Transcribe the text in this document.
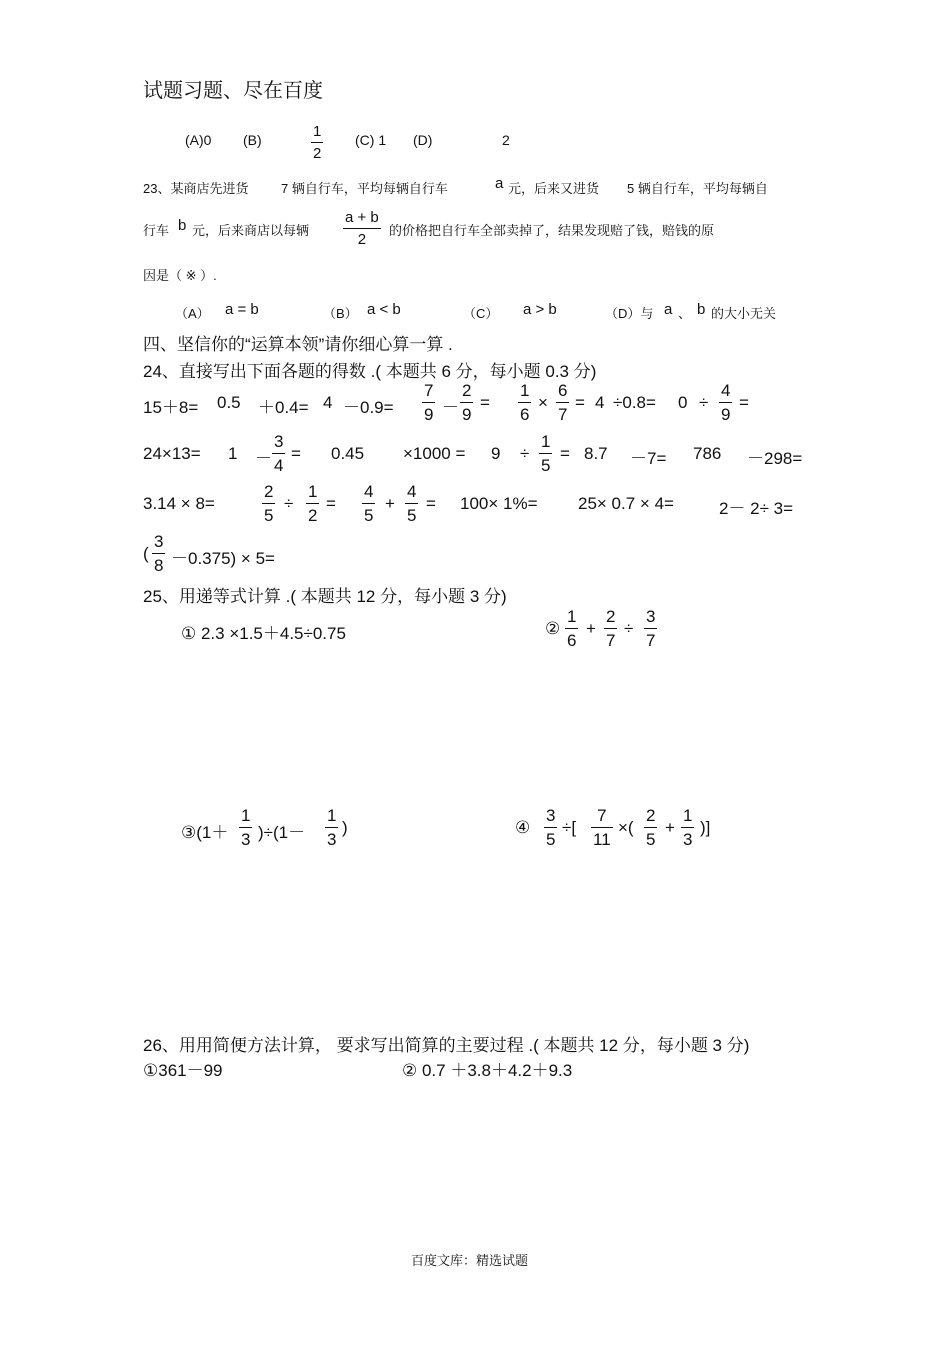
试题习题、尽在百度
(A)0 (B)	$\frac{1}{2} (C)$ 1 (D)	2
23、某商店先进货	7 辆自行车，平均每辆自行车	a 元，后来又进货 5 辆自行车，平均每辆自
行车 b 元，后来商店以每辆 $\frac{a + b}{2}$ 的价格把自行车全部卖掉了，结果发现赔了钱，赔钱的原
因是（ ※ ）.
（A） a = b	（B） a < b	（C） a > b	（D）与 a 、 b 的大小无关
四、坚信你的“运算本领”请你细心算一算 .
24、直接写出下面各题的得数 .( 本题共 6 分，每小题 0.3 分)
$15+8= 0.5 +0.4= 4 -0.9= \frac{7}{9} - \frac{2}{9} = \frac{1}{6} \times \frac{6}{7} = 4 \div 0.8= 0 \div \frac{4}{9}$ =
$24\times 13= 1 - \frac{3}{4} = 0.45 \times 1000 = 9 \div \frac{1}{5} = 8.7 -7= 786 -298=$
3.14 × 8=	$\frac{2}{5} \div \frac{1}{2} = \frac{4}{5} + \frac{4}{5} = 100\times 1\%= 25\times 0.7 \times 4=$	2－ 2÷ 3=
( $\frac{3}{8} -0.375) \times 5=$
25、用递等式计算 .( 本题共 12 分，每小题 3 分)
① 2.3 ×1.5＋4.5÷0.75	② $\frac{1}{6} + \frac{2}{7} \div \frac{3}{7}$
③(1＋ $\frac{1}{3} )\div(1- \frac{1}{3}$ )	④ $\frac{3}{5}$ ÷[ $\frac{7}{11}$ ×( $\frac{2}{5} + \frac{1}{3}$ )]
26、用用简便方法计算， 要求写出简算的主要过程 .( 本题共 12 分，每小题 3 分)
①361－99	② 0.7 ＋3.8＋4.2＋9.3
百度文库：精选试题
